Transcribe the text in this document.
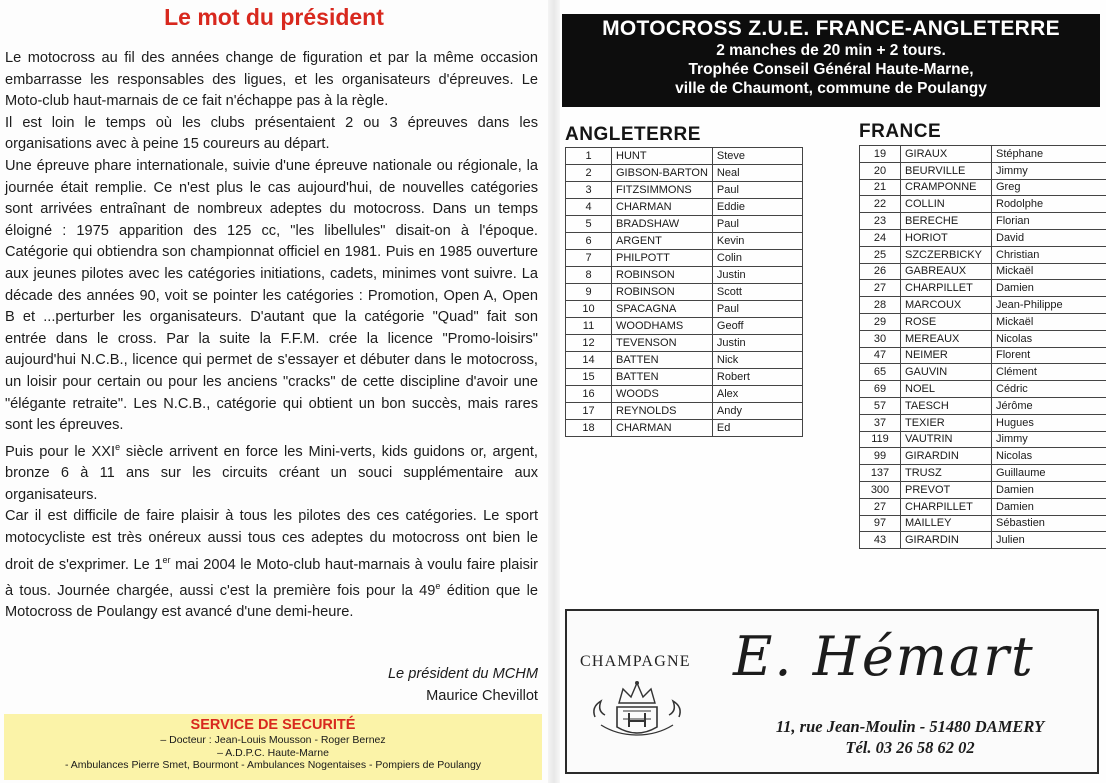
Le mot du président

Le motocross au fil des années change de figuration et par la même occasion embarrasse les responsables des ligues, et les organisateurs d'épreuves. Le Moto-club haut-marnais de ce fait n'échappe pas à la règle.

Il est loin le temps où les clubs présentaient 2 ou 3 épreuves dans les organisations avec à peine 15 coureurs au départ.

Une épreuve phare internationale, suivie d'une épreuve nationale ou régionale, la journée était remplie. Ce n'est plus le cas aujourd'hui, de nouvelles catégories sont arrivées entraînant de nombreux adeptes du motocross. Dans un temps éloigné : 1975 apparition des 125 cc, "les libellules" disait-on à l'époque. Catégorie qui obtiendra son championnat officiel en 1981. Puis en 1985 ouverture aux jeunes pilotes avec les catégories initiations, cadets, minimes vont suivre. La décade des années 90, voit se pointer les catégories : Promotion, Open A, Open B et ...perturber les organisateurs. D'autant que la catégorie "Quad" fait son entrée dans le cross. Par la suite la F.F.M. crée la licence "Promo-loisirs" aujourd'hui N.C.B., licence qui permet de s'essayer et débuter dans le motocross, un loisir pour certain ou pour les anciens "cracks" de cette discipline d'avoir une "élégante retraite". Les N.C.B., catégorie qui obtient un bon succès, mais rares sont les épreuves.

Puis pour le XXIe siècle arrivent en force les Mini-verts, kids guidons or, argent, bronze 6 à 11 ans sur les circuits créant un souci supplémentaire aux organisateurs.

Car il est difficile de faire plaisir à tous les pilotes des ces catégories. Le sport motocycliste est très onéreux aussi tous ces adeptes du motocross ont bien le droit de s'exprimer. Le 1er mai 2004 le Moto-club haut-marnais à voulu faire plaisir à tous. Journée chargée, aussi c'est la première fois pour la 49e édition que le Motocross de Poulangy est avancé d'une demi-heure.

Le président du MCHM
Maurice Chevillot
SERVICE DE SECURITÉ
– Docteur : Jean-Louis Mousson - Roger Bernez
– A.D.P.C. Haute-Marne
- Ambulances Pierre Smet, Bourmont - Ambulances Nogentaises - Pompiers de Poulangy
MOTOCROSS Z.U.E. FRANCE-ANGLETERRE
2 manches de 20 min + 2 tours.
Trophée Conseil Général Haute-Marne,
ville de Chaumont, commune de Poulangy
ANGLETERRE
1	HUNT	Steve
2	GIBSON-BARTON	Neal
3	FITZSIMMONS	Paul
4	CHARMAN	Eddie
5	BRADSHAW	Paul
6	ARGENT	Kevin
7	PHILPOTT	Colin
8	ROBINSON	Justin
9	ROBINSON	Scott
10	SPACAGNA	Paul
11	WOODHAMS	Geoff
12	TEVENSON	Justin
14	BATTEN	Nick
15	BATTEN	Robert
16	WOODS	Alex
17	REYNOLDS	Andy
18	CHARMAN	Ed
FRANCE
19	GIRAUX	Stéphane
20	BEURVILLE	Jimmy
21	CRAMPONNE	Greg
22	COLLIN	Rodolphe
23	BERECHE	Florian
24	HORIOT	David
25	SZCZERBICKY	Christian
26	GABREAUX	Mickaël
27	CHARPILLET	Damien
28	MARCOUX	Jean-Philippe
29	ROSE	Mickaël
30	MEREAUX	Nicolas
47	NEIMER	Florent
65	GAUVIN	Clément
69	NOEL	Cédric
57	TAESCH	Jérôme
37	TEXIER	Hugues
119	VAUTRIN	Jimmy
99	GIRARDIN	Nicolas
137	TRUSZ	Guillaume
300	PREVOT	Damien
27	CHARPILLET	Damien
97	MAILLEY	Sébastien
43	GIRARDIN	Julien
CHAMPAGNE E. Hémart
11, rue Jean-Moulin - 51480 DAMERY
Tél. 03 26 58 62 02
